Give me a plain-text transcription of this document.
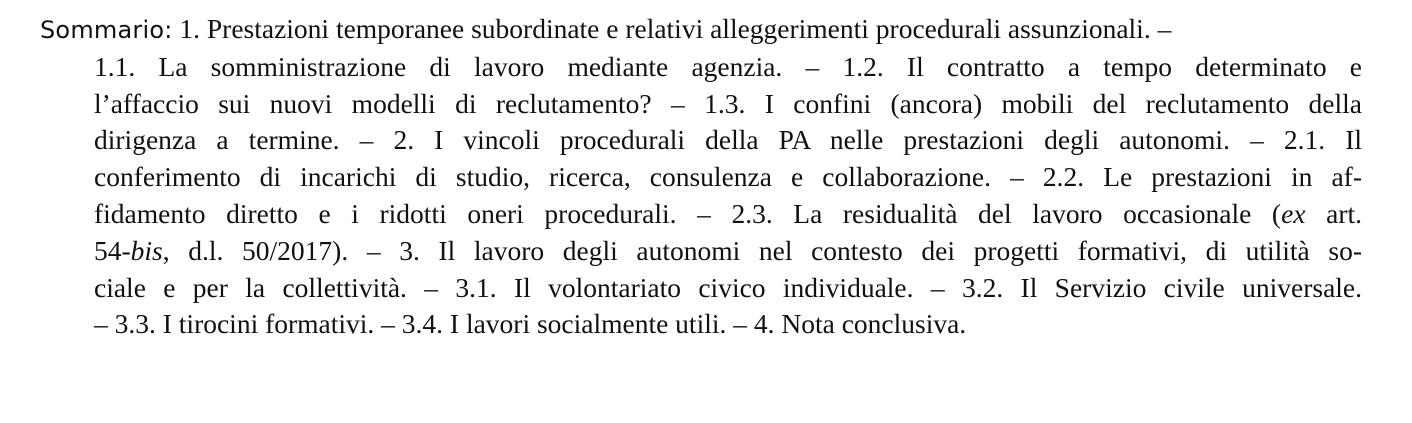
Sommario: 1. Prestazioni temporanee subordinate e relativi alleggerimenti procedurali assunzionali. –
1.1. La somministrazione di lavoro mediante agenzia. – 1.2. Il contratto a tempo determinato e
l’affaccio sui nuovi modelli di reclutamento? – 1.3. I confini (ancora) mobili del reclutamento della
dirigenza a termine. – 2. I vincoli procedurali della PA nelle prestazioni degli autonomi. – 2.1. Il
conferimento di incarichi di studio, ricerca, consulenza e collaborazione. – 2.2. Le prestazioni in af-
fidamento diretto e i ridotti oneri procedurali. – 2.3. La residualità del lavoro occasionale (ex art.
54-bis, d.l. 50/2017). – 3. Il lavoro degli autonomi nel contesto dei progetti formativi, di utilità so-
ciale e per la collettività. – 3.1. Il volontariato civico individuale. – 3.2. Il Servizio civile universale.
– 3.3. I tirocini formativi. – 3.4. I lavori socialmente utili. – 4. Nota conclusiva.
